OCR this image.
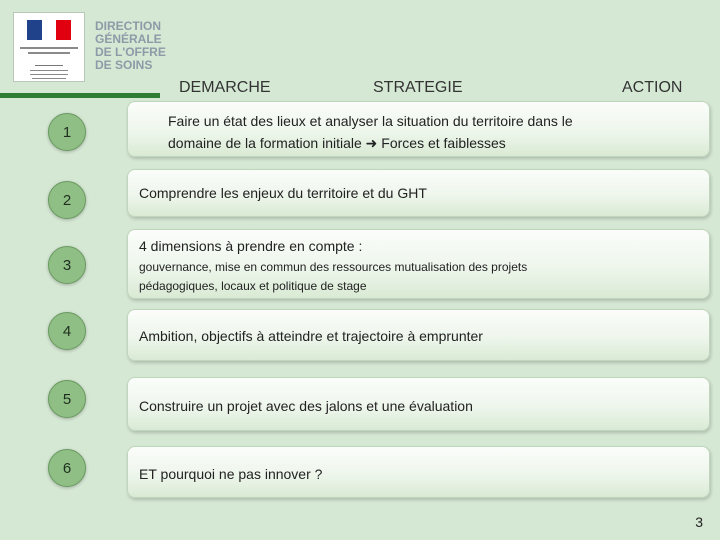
DIRECTION
GÉNÉRALE
DE L'OFFRE
DE SOINS
DEMARCHE	STRATEGIE	ACTION
1
Faire un état des lieux et analyser la situation du territoire dans le
domaine de la formation initiale ➜ Forces et faiblesses
2	Comprendre les enjeux du territoire et du GHT
3
4 dimensions à prendre en compte :
gouvernance, mise en commun des ressources mutualisation des projets
pédagogiques, locaux et politique de stage
4	Ambition, objectifs à atteindre et trajectoire à emprunter
5	Construire un projet avec des jalons et une évaluation
6	ET pourquoi ne pas innover ?
3
